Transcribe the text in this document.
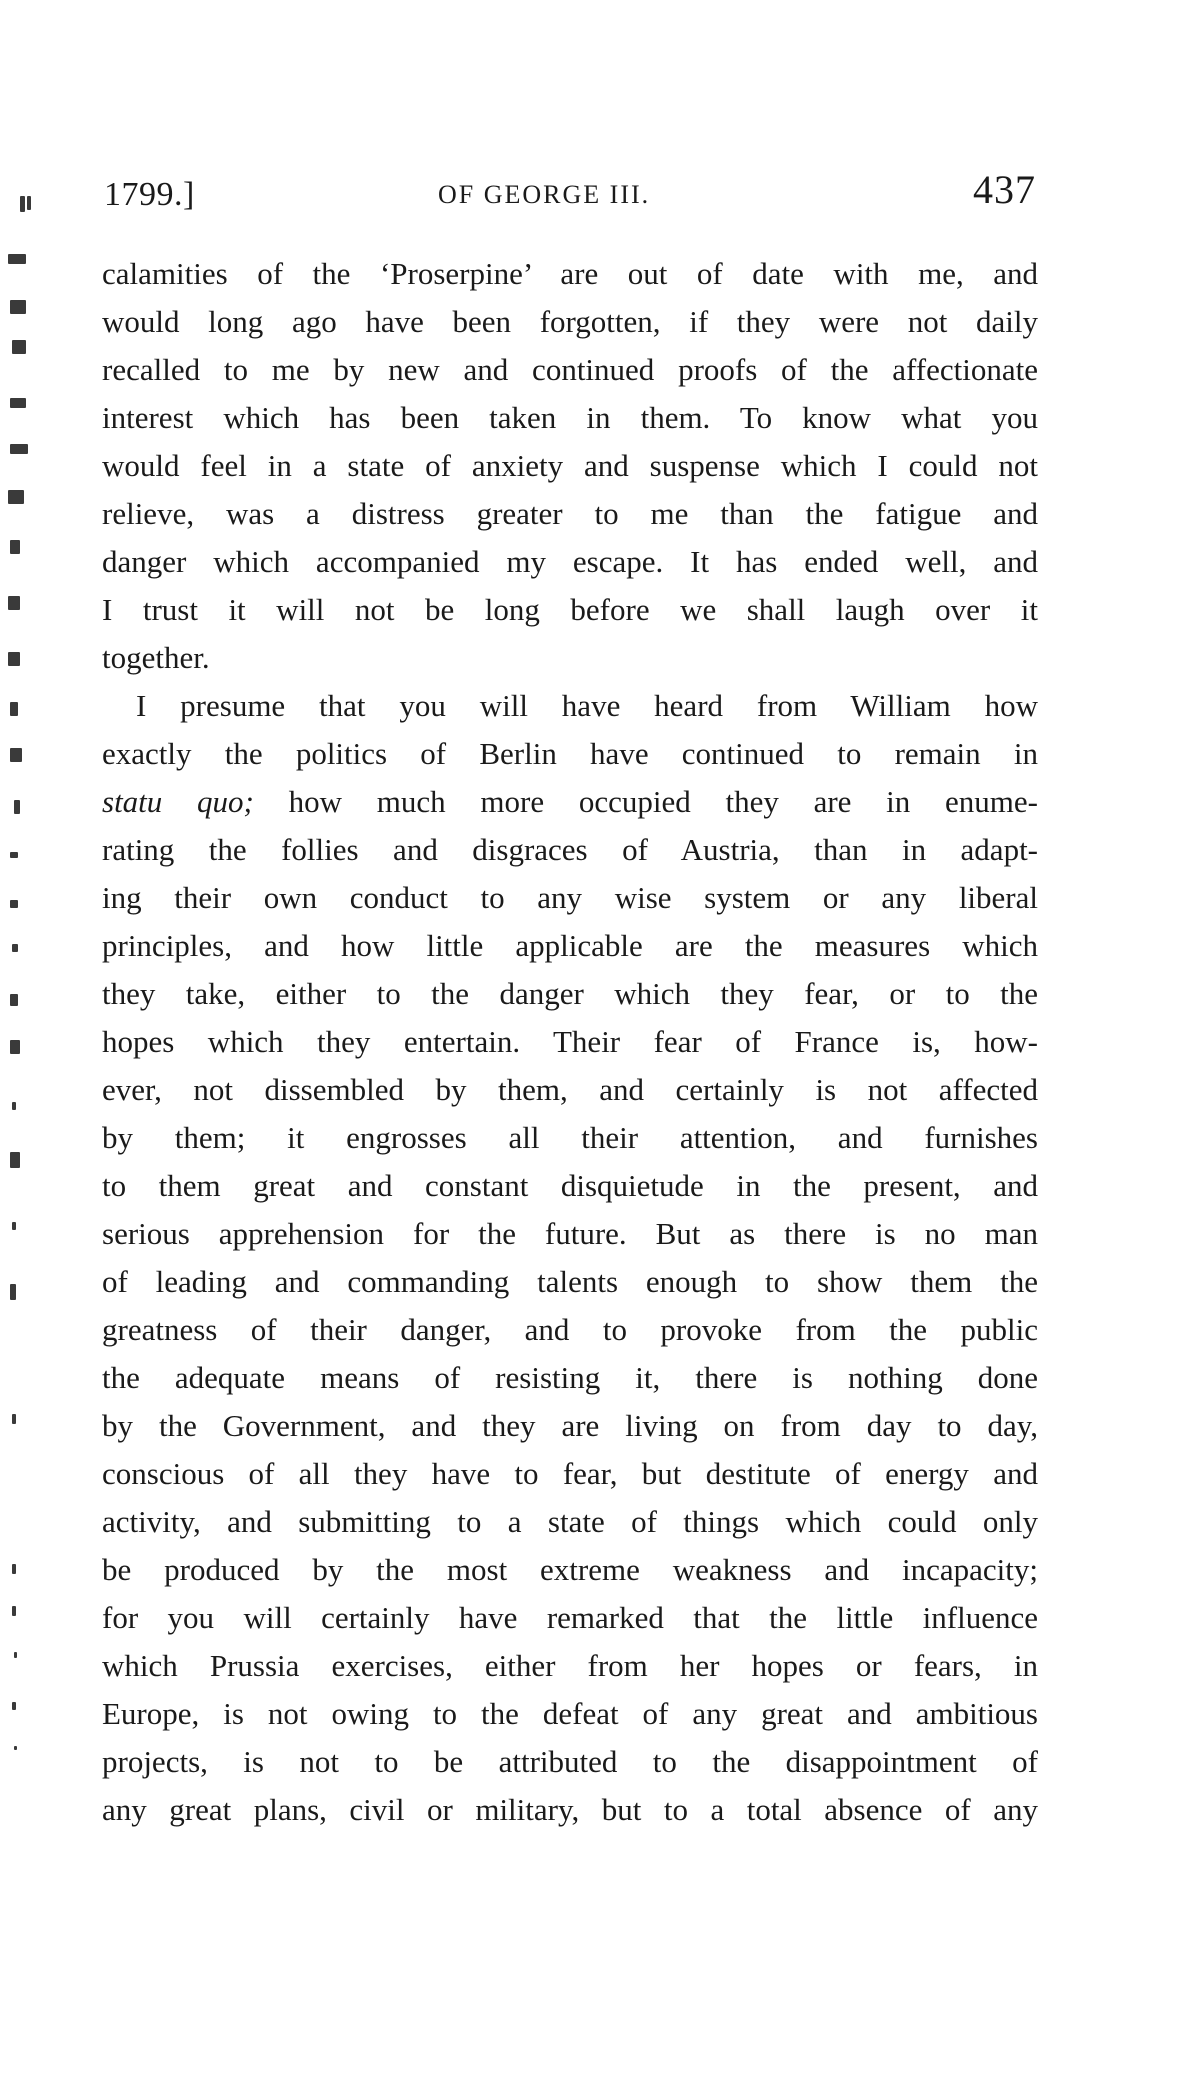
1799.]	OF GEORGE III.	437
calamities of the ‘Proserpine’ are out of date with me, and
would long ago have been forgotten, if they were not daily
recalled to me by new and continued proofs of the affectionate
interest which has been taken in them. To know what you
would feel in a state of anxiety and suspense which I could not
relieve, was a distress greater to me than the fatigue and
danger which accompanied my escape. It has ended well, and
I trust it will not be long before we shall laugh over it
together.
I presume that you will have heard from William how
exactly the politics of Berlin have continued to remain in
statu quo; how much more occupied they are in enume-
rating the follies and disgraces of Austria, than in adapt-
ing their own conduct to any wise system or any liberal
principles, and how little applicable are the measures which
they take, either to the danger which they fear, or to the
hopes which they entertain. Their fear of France is, how-
ever, not dissembled by them, and certainly is not affected
by them; it engrosses all their attention, and furnishes
to them great and constant disquietude in the present, and
serious apprehension for the future. But as there is no man
of leading and commanding talents enough to show them the
greatness of their danger, and to provoke from the public
the adequate means of resisting it, there is nothing done
by the Government, and they are living on from day to day,
conscious of all they have to fear, but destitute of energy and
activity, and submitting to a state of things which could only
be produced by the most extreme weakness and incapacity;
for you will certainly have remarked that the little influence
which Prussia exercises, either from her hopes or fears, in
Europe, is not owing to the defeat of any great and ambitious
projects, is not to be attributed to the disappointment of
any great plans, civil or military, but to a total absence of any
